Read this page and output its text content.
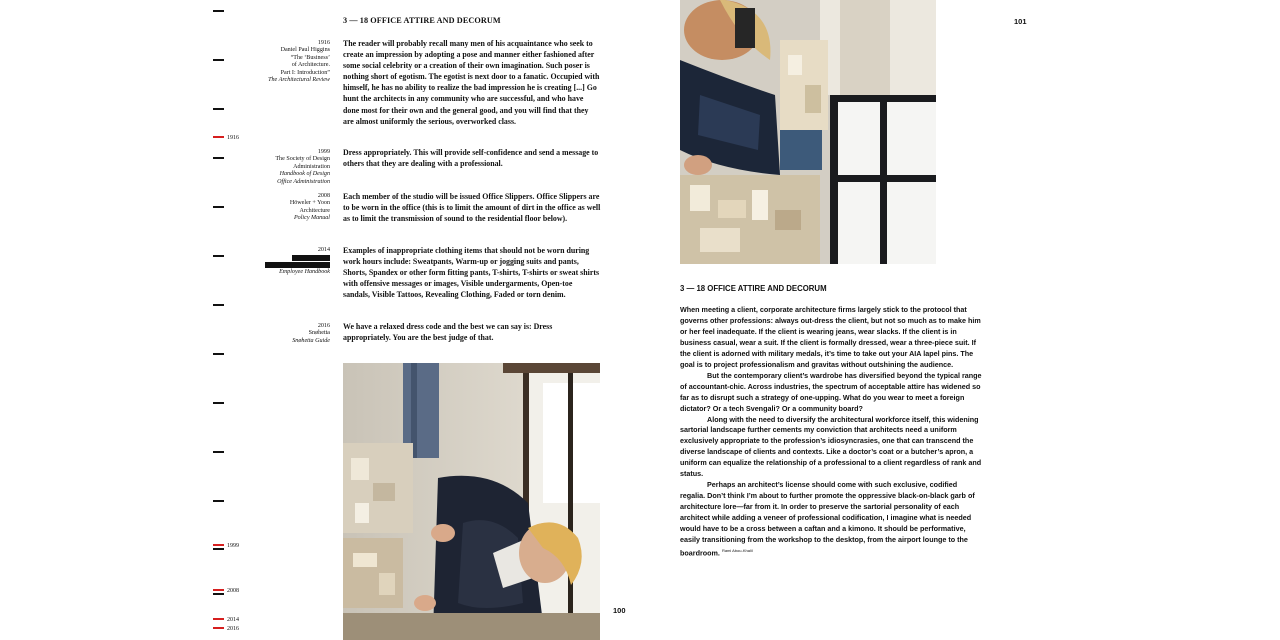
1916
1999
2008
2014
2016
3 — 18 OFFICE ATTIRE AND DECORUM
1916
Daniel Paul Higgins
“The ‘Business’
of Architecture.
Part I: Introduction”
The Architectural Review
The reader will probably recall many men of his acquaintance who seek to create an impression by adopting a pose and manner either fashioned after some social celebrity or a creation of their own imagination. Such poser is nothing short of egotism. The egotist is next door to a fanatic. Occupied with himself, he has no ability to realize the bad impression he is creating [...] Go hunt the architects in any community who are successful, and who have done most for their own and the general good, and you will find that they are almost uniformly the serious, overworked class.
1999
The Society of Design
Administration
Handbook of Design
Office Administration
Dress appropriately. This will provide self-confidence and send a message to others that they are dealing with a professional.
2008
Höweler + Yoon
Architecture
Policy Manual
Each member of the studio will be issued Office Slippers. Office Slippers are to be worn in the office (this is to limit the amount of dirt in the office as well as to limit the transmission of sound to the residential floor below).
2014
Employee Handbook
Examples of inappropriate clothing items that should not be worn during work hours include: Sweatpants, Warm-up or jogging suits and pants, Shorts, Spandex or other form fitting pants, T-shirts, T-shirts or sweat shirts with offensive messages or images, Visible undergarments, Open-toe sandals, Visible Tattoos, Revealing Clothing, Faded or torn denim.
2016
Snøhetta
Snøhetta Guide
We have a relaxed dress code and the best we can say is: Dress appropriately. You are the best judge of that.
100
101
3 — 18 OFFICE ATTIRE AND DECORUM

When meeting a client, corporate architecture firms largely stick to the protocol that governs other professions: always out-dress the client, but not so much as to make him or her feel inadequate. If the client is wearing jeans, wear slacks. If the client is in business casual, wear a suit. If the client is formally dressed, wear a three-piece suit. If the client is adorned with military medals, it’s time to take out your AIA lapel pins. The goal is to project professionalism and gravitas without outshining the audience.

But the contemporary client’s wardrobe has diversified beyond the typical range of accountant-chic. Across industries, the spectrum of acceptable attire has widened so far as to disrupt such a strategy of one-upping. What do you wear to meet a foreign dictator? Or a tech Svengali? Or a community board?

Along with the need to diversify the architectural workforce itself, this widening sartorial landscape further cements my conviction that architects need a uniform exclusively appropriate to the profession’s idiosyncrasies, one that can transcend the diverse landscape of clients and contexts. Like a doctor’s coat or a butcher’s apron, a uniform can equalize the relationship of a professional to a client regardless of rank and status.

Perhaps an architect’s license should come with such exclusive, codified regalia. Don’t think I’m about to further promote the oppressive black-on-black garb of architecture lore—far from it. In order to preserve the sartorial personality of each architect while adding a veneer of professional codification, I imagine what is needed would have to be a cross between a caftan and a kimono. It should be performative, easily transitioning from the workshop to the desktop, from the airport lounge to the boardroom. $^{Rami Abou-Khalil}$
